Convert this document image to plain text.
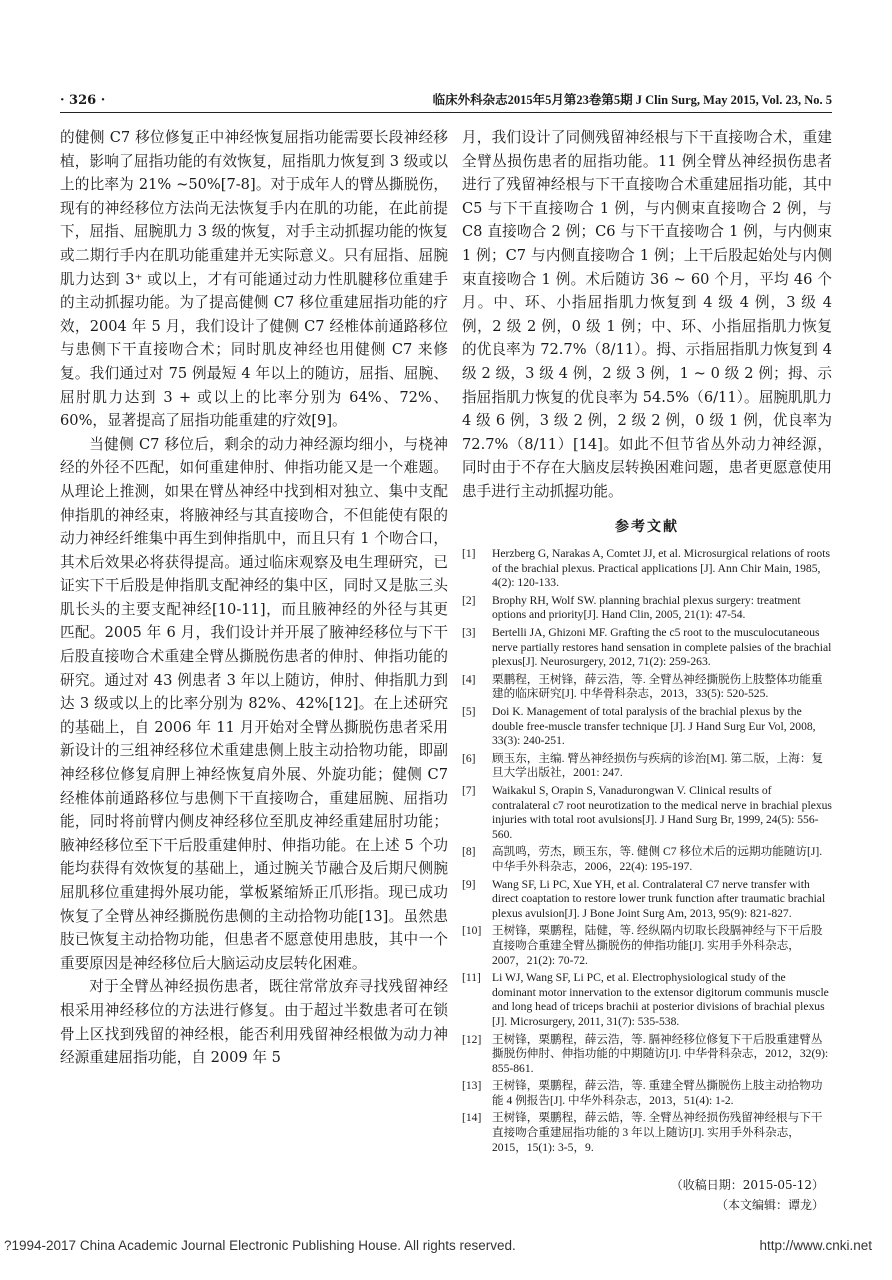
· 326 ·	临床外科杂志2015年5月第23卷第5期 J Clin Surg, May 2015, Vol. 23, No. 5

的健侧 C7 移位修复正中神经恢复屈指功能需要长段神经移植，影响了屈指功能的有效恢复，屈指肌力恢复到 3 级或以上的比率为 21% ~50%[7-8]。对于成年人的臂丛撕脱伤，现有的神经移位方法尚无法恢复手内在肌的功能，在此前提下，屈指、屈腕肌力 3 级的恢复，对手主动抓握功能的恢复或二期行手内在肌功能重建并无实际意义。只有屈指、屈腕肌力达到 3⁺ 或以上，才有可能通过动力性肌腱移位重建手的主动抓握功能。为了提高健侧 C7 移位重建屈指功能的疗效，2004 年 5 月，我们设计了健侧 C7 经椎体前通路移位与患侧下干直接吻合术；同时肌皮神经也用健侧 C7 来修复。我们通过对 75 例最短 4 年以上的随访，屈指、屈腕、屈肘肌力达到 3 + 或以上的比率分别为 64%、72%、60%，显著提高了屈指功能重建的疗效[9]。

当健侧 C7 移位后，剩余的动力神经源均细小，与桡神经的外径不匹配，如何重建伸肘、伸指功能又是一个难题。从理论上推测，如果在臂丛神经中找到相对独立、集中支配伸指肌的神经束，将腋神经与其直接吻合，不但能使有限的动力神经纤维集中再生到伸指肌中，而且只有 1 个吻合口，其术后效果必将获得提高。通过临床观察及电生理研究，已证实下干后股是伸指肌支配神经的集中区，同时又是肱三头肌长头的主要支配神经[10-11]，而且腋神经的外径与其更匹配。2005 年 6 月，我们设计并开展了腋神经移位与下干后股直接吻合术重建全臂丛撕脱伤患者的伸肘、伸指功能的研究。通过对 43 例患者 3 年以上随访，伸肘、伸指肌力到达 3 级或以上的比率分别为 82%、42%[12]。在上述研究的基础上，自 2006 年 11 月开始对全臂丛撕脱伤患者采用新设计的三组神经移位术重建患侧上肢主动拾物功能，即副神经移位修复肩胛上神经恢复肩外展、外旋功能；健侧 C7 经椎体前通路移位与患侧下干直接吻合，重建屈腕、屈指功能，同时将前臂内侧皮神经移位至肌皮神经重建屈肘功能；腋神经移位至下干后股重建伸肘、伸指功能。在上述 5 个功能均获得有效恢复的基础上，通过腕关节融合及后期尺侧腕屈肌移位重建拇外展功能，掌板紧缩矫正爪形指。现已成功恢复了全臂丛神经撕脱伤患侧的主动拾物功能[13]。虽然患肢已恢复主动拾物功能，但患者不愿意使用患肢，其中一个重要原因是神经移位后大脑运动皮层转化困难。

对于全臂丛神经损伤患者，既往常常放弃寻找残留神经根采用神经移位的方法进行修复。由于超过半数患者可在锁骨上区找到残留的神经根，能否利用残留神经根做为动力神经源重建屈指功能，自 2009 年 5

月，我们设计了同侧残留神经根与下干直接吻合术，重建全臂丛损伤患者的屈指功能。11 例全臂丛神经损伤患者进行了残留神经根与下干直接吻合术重建屈指功能，其中 C5 与下干直接吻合 1 例，与内侧束直接吻合 2 例，与 C8 直接吻合 2 例；C6 与下干直接吻合 1 例，与内侧束 1 例；C7 与内侧直接吻合 1 例；上干后股起始处与内侧束直接吻合 1 例。术后随访 36 ~ 60 个月，平均 46 个月。中、环、小指屈指肌力恢复到 4 级 4 例，3 级 4 例，2 级 2 例，0 级 1 例；中、环、小指屈指肌力恢复的优良率为 72.7%（8/11）。拇、示指屈指肌力恢复到 4 级 2 级，3 级 4 例，2 级 3 例，1 ~ 0 级 2 例；拇、示指屈指肌力恢复的优良率为 54.5%（6/11）。屈腕肌肌力 4 级 6 例，3 级 2 例，2 级 2 例，0 级 1 例，优良率为 72.7%（8/11）[14]。如此不但节省丛外动力神经源，同时由于不存在大脑皮层转换困难问题，患者更愿意使用患手进行主动抓握功能。

参考文献
[1]	Herzberg G, Narakas A, Comtet JJ, et al. Microsurgical relations of roots of the brachial plexus. Practical applications [J]. Ann Chir Main, 1985, 4(2): 120-133.
[2]	Brophy RH, Wolf SW. planning brachial plexus surgery: treatment options and priority[J]. Hand Clin, 2005, 21(1): 47-54.
[3]	Bertelli JA, Ghizoni MF. Grafting the c5 root to the musculocutaneous nerve partially restores hand sensation in complete palsies of the brachial plexus[J]. Neurosurgery, 2012, 71(2): 259-263.
[4]	栗鹏程，王树锋，薛云浩，等. 全臂丛神经撕脱伤上肢整体功能重建的临床研究[J]. 中华骨科杂志，2013，33(5): 520-525.
[5]	Doi K. Management of total paralysis of the brachial plexus by the double free-muscle transfer technique [J]. J Hand Surg Eur Vol, 2008, 33(3): 240-251.
[6]	顾玉东，主编. 臂丛神经损伤与疾病的诊治[M]. 第二版，上海：复旦大学出版社，2001: 247.
[7]	Waikakul S, Orapin S, Vanadurongwan V. Clinical results of contralateral c7 root neurotization to the medical nerve in brachial plexus injuries with total root avulsions[J]. J Hand Surg Br, 1999, 24(5): 556-560.
[8]	高凯鸣，劳杰，顾玉东，等. 健侧 C7 移位术后的远期功能随访[J]. 中华手外科杂志，2006，22(4): 195-197.
[9]	Wang SF, Li PC, Xue YH, et al. Contralateral C7 nerve transfer with direct coaptation to restore lower trunk function after traumatic brachial plexus avulsion[J]. J Bone Joint Surg Am, 2013, 95(9): 821-827.
[10] 王树锋，栗鹏程，陆健，等. 经纵隔内切取长段膈神经与下干后股直接吻合重建全臂丛撕脱伤的伸指功能[J]. 实用手外科杂志，2007，21(2): 70-72.
[11] Li WJ, Wang SF, Li PC, et al. Electrophysiological study of the dominant motor innervation to the extensor digitorum communis muscle and long head of triceps brachii at posterior divisions of brachial plexus [J]. Microsurgery, 2011, 31(7): 535-538.
[12] 王树锋，栗鹏程，薛云浩，等. 膈神经移位修复下干后股重建臂丛撕脱伤伸肘、伸指功能的中期随访[J]. 中华骨科杂志，2012，32(9): 855-861.
[13] 王树锋，栗鹏程，薛云浩，等. 重建全臂丛撕脱伤上肢主动拾物功能 4 例报告[J]. 中华外科杂志，2013，51(4): 1-2.
[14] 王树锋，栗鹏程，薛云皓，等. 全臂丛神经损伤残留神经根与下干直接吻合重建屈指功能的 3 年以上随访[J]. 实用手外科杂志，2015，15(1): 3-5，9.
（收稿日期：2015-05-12）
（本文编辑：谭龙）
?1994-2017 China Academic Journal Electronic Publishing House. All rights reserved.	http://www.cnki.net
